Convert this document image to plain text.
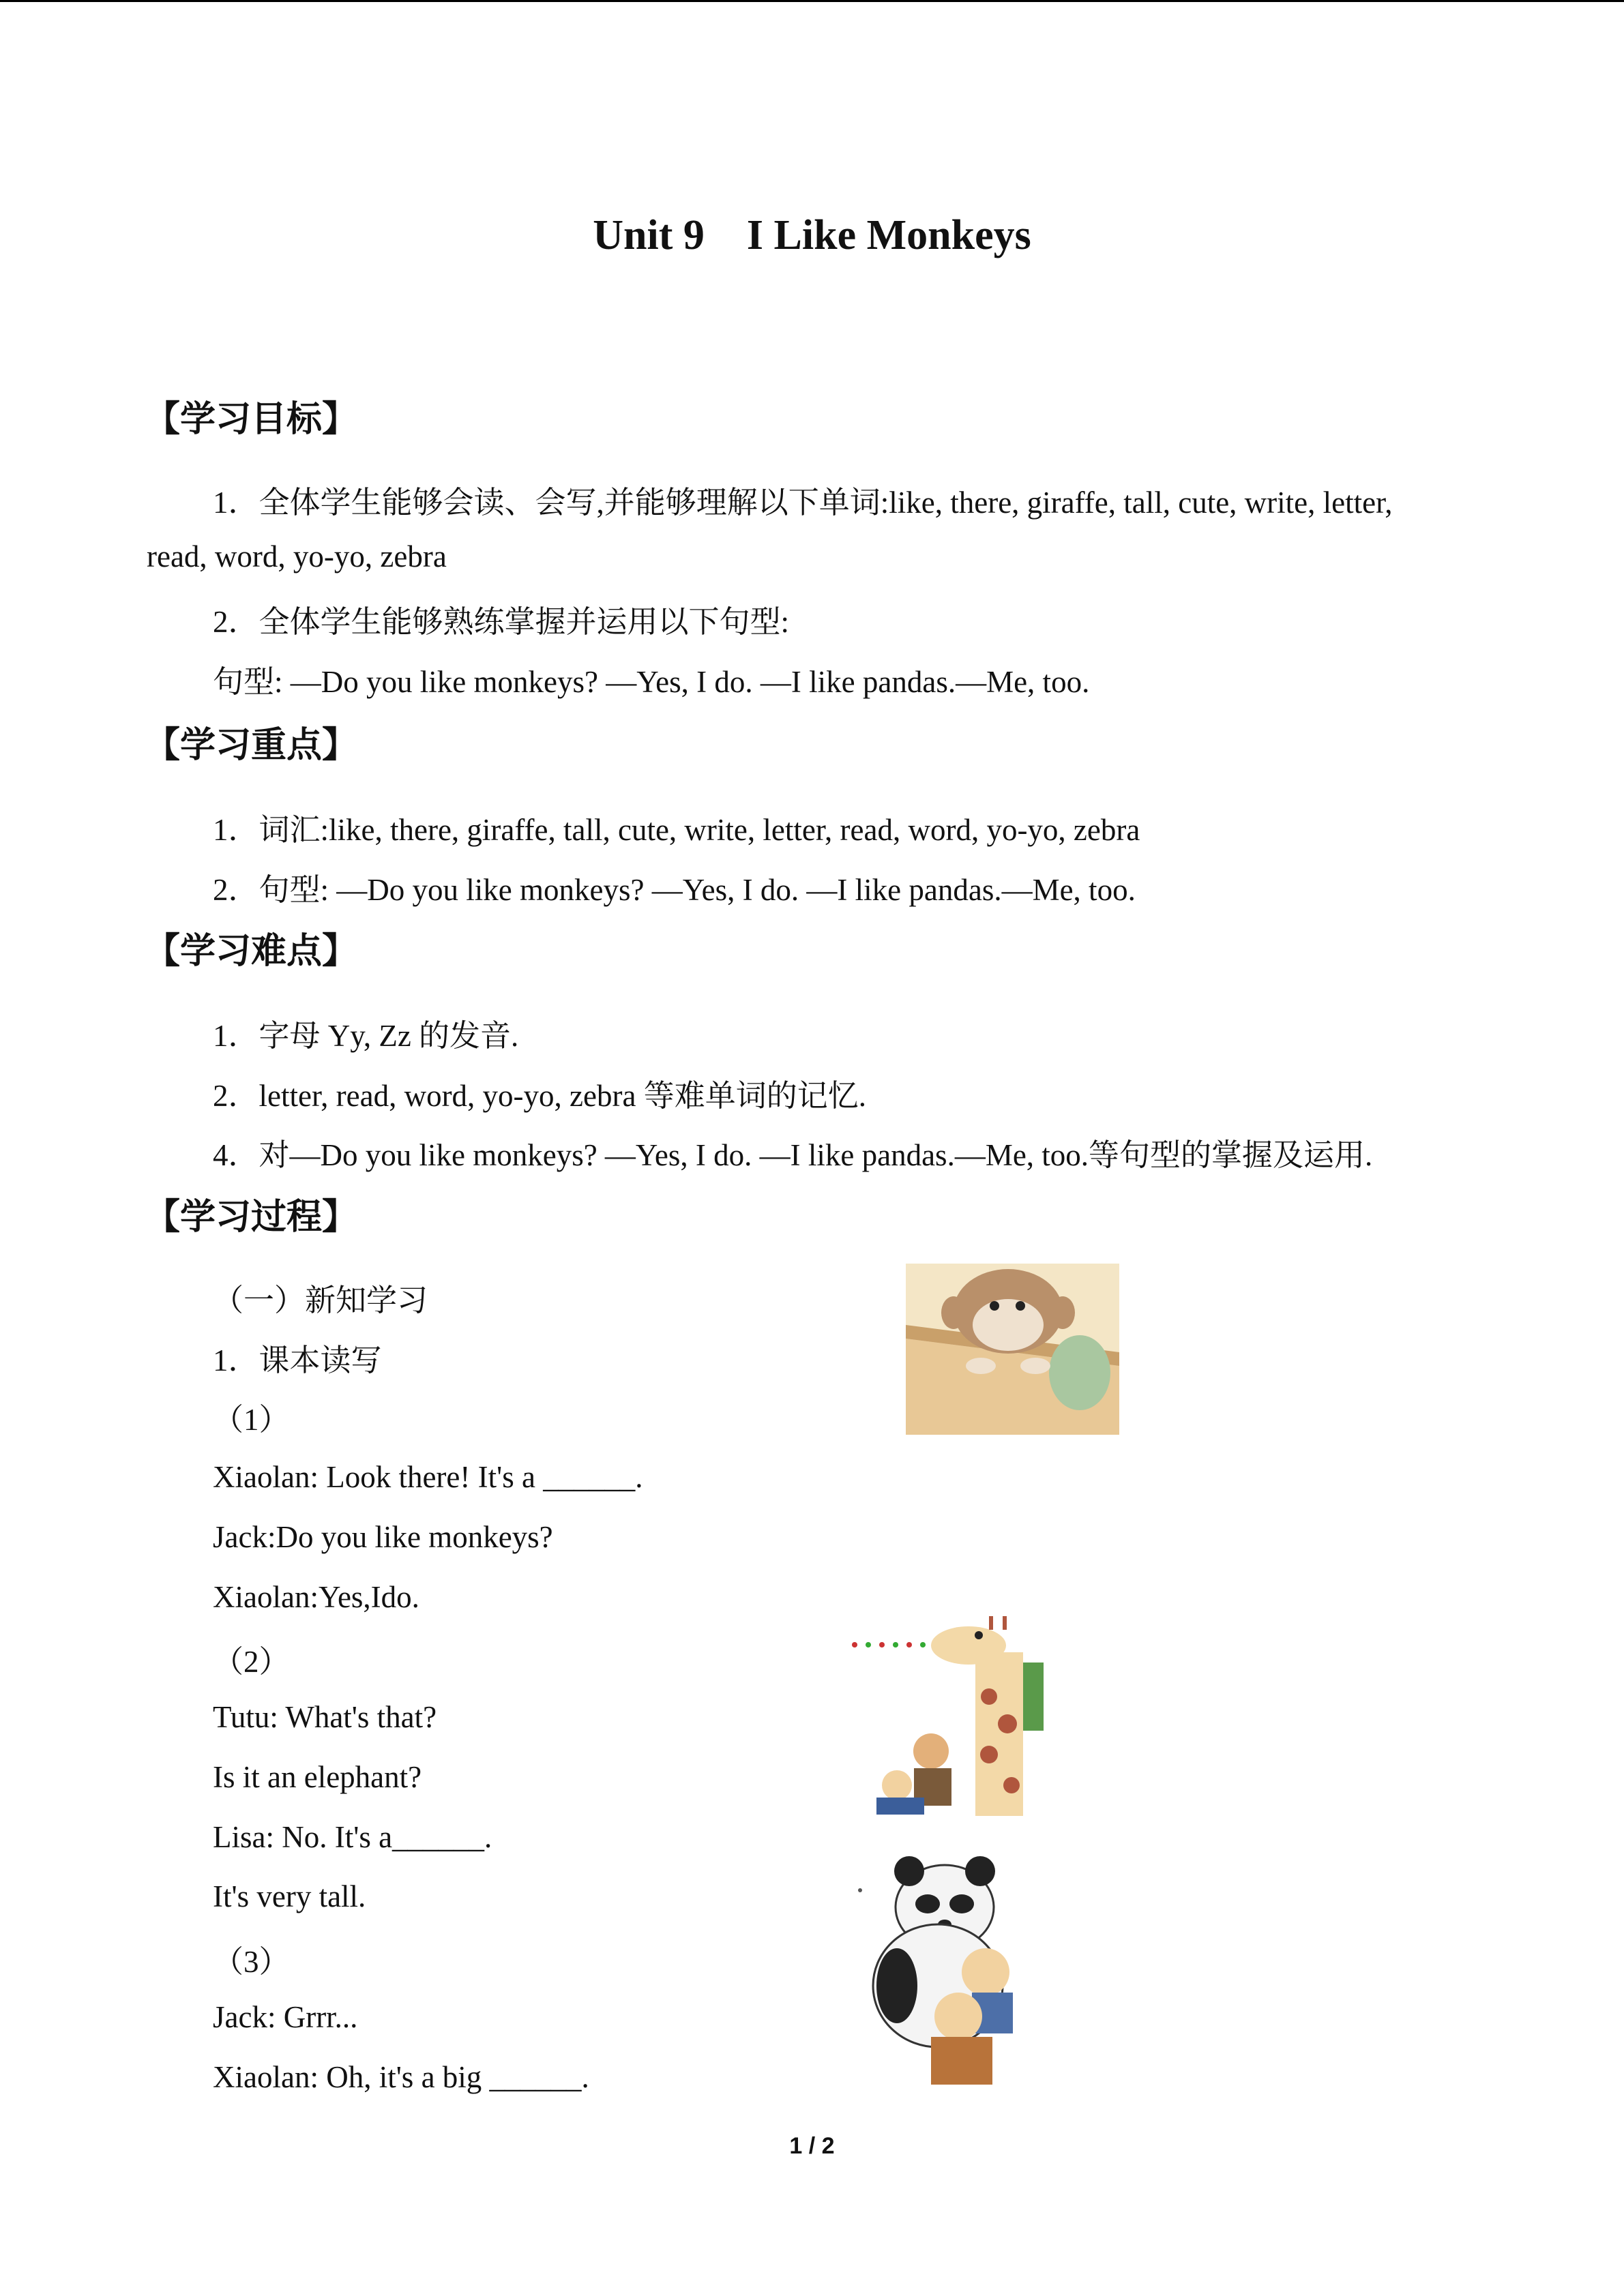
Unit 9    I Like Monkeys
【学习目标】
1．全体学生能够会读、会写,并能够理解以下单词:like, there, giraffe, tall, cute, write, letter,
read, word, yo-yo, zebra
2．全体学生能够熟练掌握并运用以下句型:
句型: —Do you like monkeys? —Yes, I do. —I like pandas.—Me, too.
【学习重点】
1．词汇:like, there, giraffe, tall, cute, write, letter, read, word, yo-yo, zebra
2．句型: —Do you like monkeys? —Yes, I do. —I like pandas.—Me, too.
【学习难点】
1．字母 Yy, Zz 的发音.
2．letter, read, word, yo-yo, zebra 等难单词的记忆.
4．对—Do you like monkeys? —Yes, I do. —I like pandas.—Me, too.等句型的掌握及运用.
【学习过程】
（一）新知学习
1．课本读写
（1）
Xiaolan: Look there! It's a ______.
Jack:Do you like monkeys?
Xiaolan:Yes,Ido.
（2）
Tutu: What's that?
Is it an elephant?
Lisa: No. It's a______.
It's very tall.
（3）
Jack: Grrr...
Xiaolan: Oh, it's a big ______.
1 / 2
